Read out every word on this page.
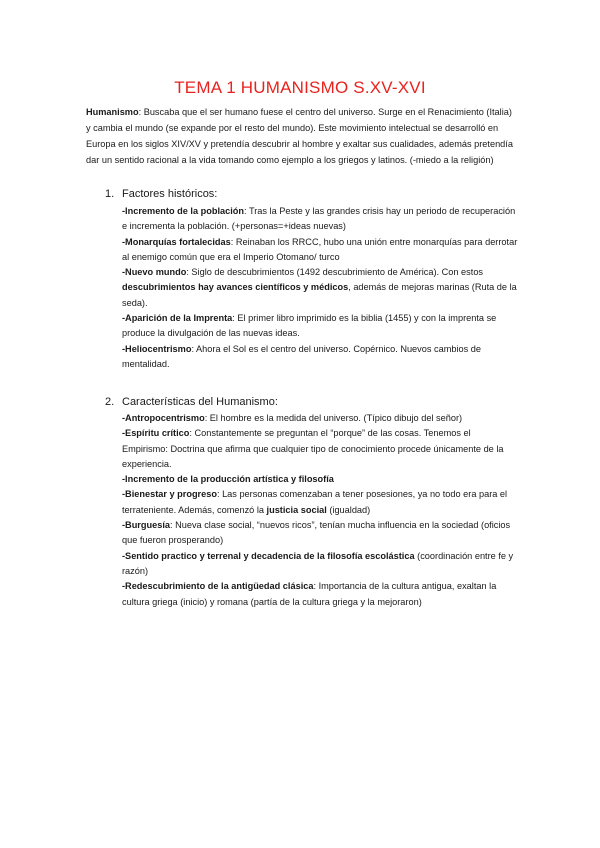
TEMA 1 HUMANISMO S.XV-XVI
Humanismo: Buscaba que el ser humano fuese el centro del universo. Surge en el Renacimiento (Italia) y cambia el mundo (se expande por el resto del mundo). Este movimiento intelectual se desarrolló en Europa en los siglos XIV/XV y pretendía descubrir al hombre y exaltar sus cualidades, además pretendía dar un sentido racional a la vida tomando como ejemplo a los griegos y latinos. (-miedo a la religión)
1. Factores históricos:

-Incremento de la población: Tras la Peste y las grandes crisis hay un periodo de recuperación e incrementa la población. (+personas=+ideas nuevas)

-Monarquías fortalecidas: Reinaban los RRCC, hubo una unión entre monarquías para derrotar al enemigo común que era el Imperio Otomano/ turco

-Nuevo mundo: Siglo de descubrimientos (1492 descubrimiento de América). Con estos descubrimientos hay avances científicos y médicos, además de mejoras marinas (Ruta de la seda).

-Aparición de la Imprenta: El primer libro imprimido es la biblia (1455) y con la imprenta se produce la divulgación de las nuevas ideas.

-Heliocentrismo: Ahora el Sol es el centro del universo. Copérnico. Nuevos cambios de mentalidad.

2. Características del Humanismo:

-Antropocentrismo: El hombre es la medida del universo. (Típico dibujo del señor)

-Espíritu crítico: Constantemente se preguntan el “porque” de las cosas. Tenemos el Empirismo: Doctrina que afirma que cualquier tipo de conocimiento procede únicamente de la experiencia.

-Incremento de la producción artística y filosofía

-Bienestar y progreso: Las personas comenzaban a tener posesiones, ya no todo era para el terrateniente. Además, comenzó la justicia social (igualdad)

-Burguesía: Nueva clase social, “nuevos ricos”, tenían mucha influencia en la sociedad (oficios que fueron prosperando)

-Sentido practico y terrenal y decadencia de la filosofía escolástica (coordinación entre fe y razón)

-Redescubrimiento de la antigüedad clásica: Importancia de la cultura antigua, exaltan la cultura griega (inicio) y romana (partía de la cultura griega y la mejoraron)
